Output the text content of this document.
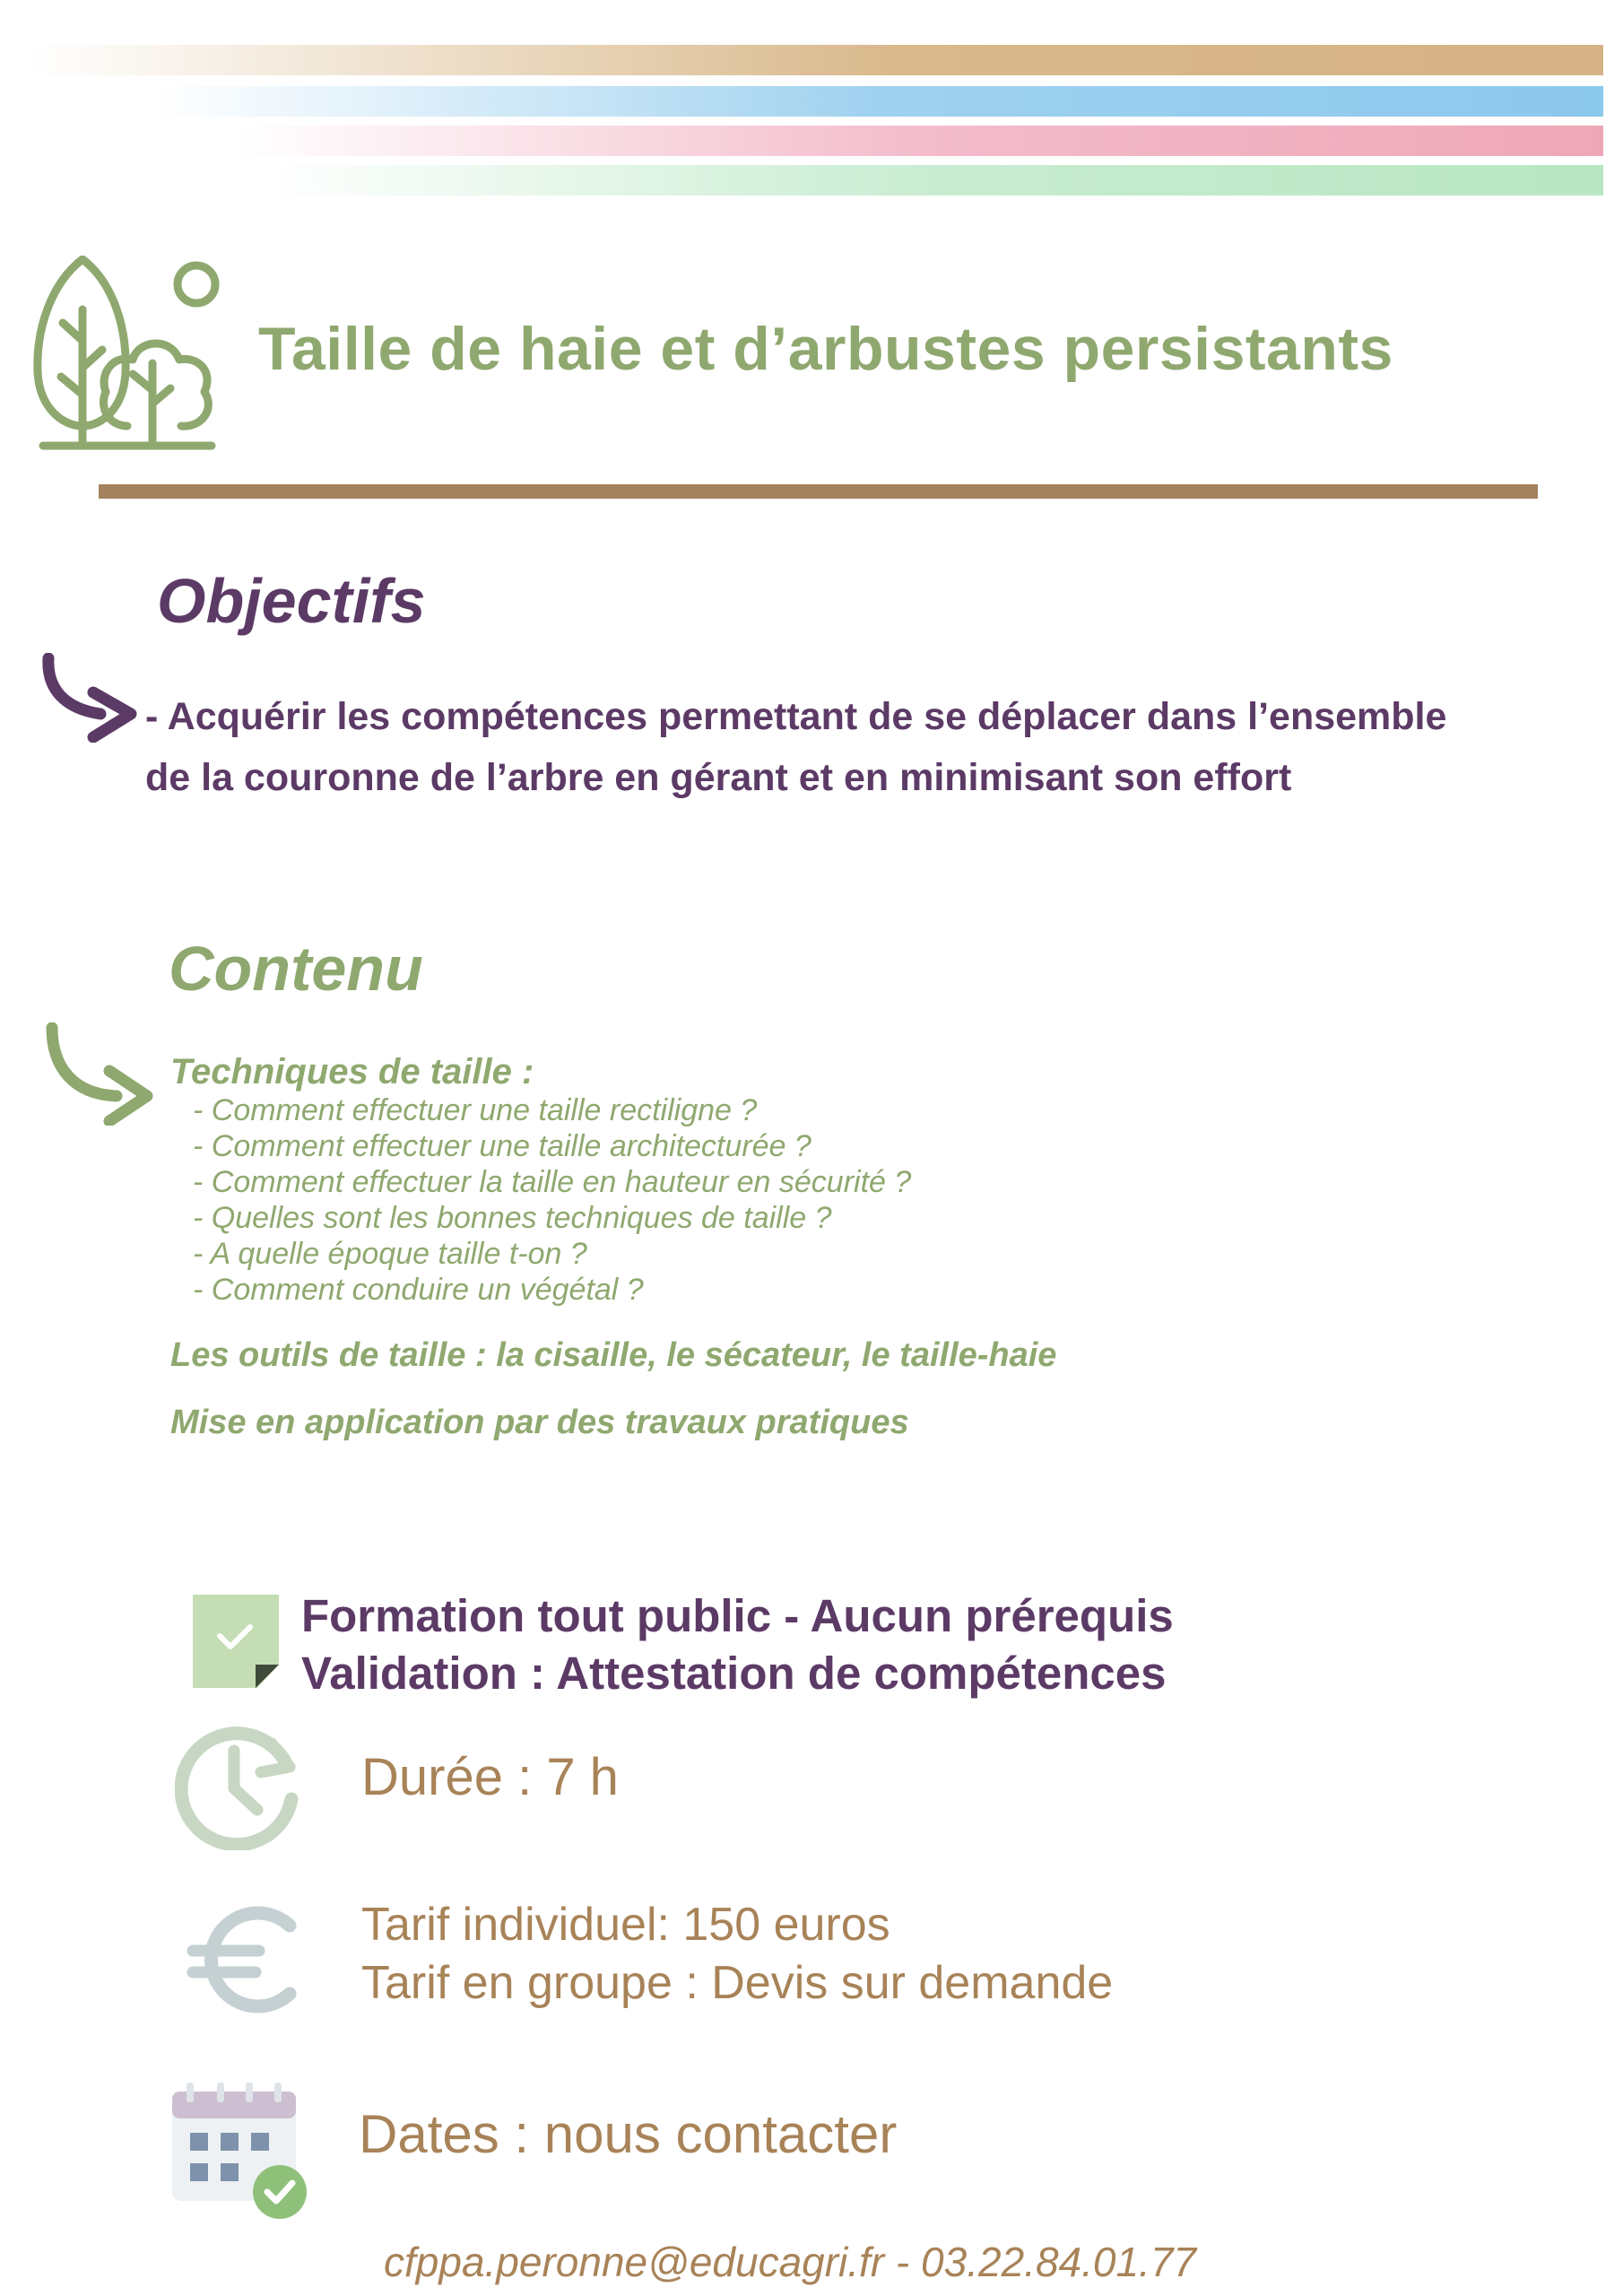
Taille de haie et d’arbustes persistants
Objectifs
- Acquérir les compétences permettant de se déplacer dans l’ensemble
de la couronne de l’arbre en gérant et en minimisant son effort
Contenu
Techniques de taille :
- Comment effectuer une taille rectiligne ?
- Comment effectuer une taille architecturée ?
- Comment effectuer la taille en hauteur en sécurité ?
- Quelles sont les bonnes techniques de taille ?
- A quelle époque taille t-on ?
- Comment conduire un végétal ?
Les outils de taille : la cisaille, le sécateur, le taille-haie
Mise en application par des travaux pratiques
Formation tout public - Aucun prérequis
Validation : Attestation de compétences
Durée : 7 h
Tarif individuel: 150 euros
Tarif en groupe : Devis sur demande
Dates : nous contacter
cfppa.peronne@educagri.fr - 03.22.84.01.77
